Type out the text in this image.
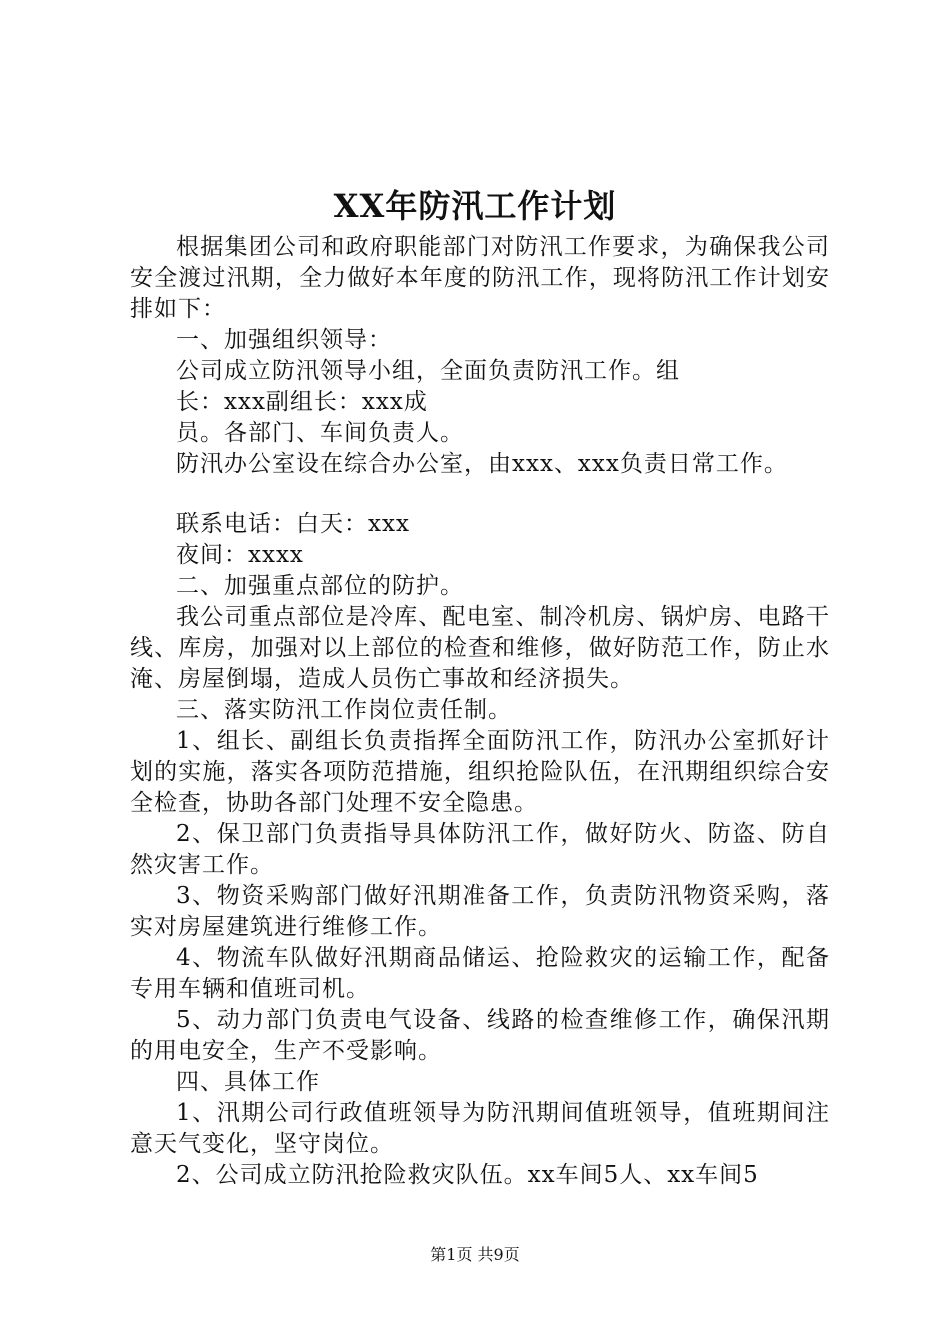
XX年防汛工作计划

根据集团公司和政府职能部门对防汛工作要求，为确保我公司安全渡过汛期，全力做好本年度的防汛工作，现将防汛工作计划安排如下：

一、加强组织领导：

公司成立防汛领导小组，全面负责防汛工作。组

长：xxx副组长：xxx成

员。各部门、车间负责人。

防汛办公室设在综合办公室，由xxx、xxx负责日常工作。

联系电话：白天：xxx

夜间：xxxx

二、加强重点部位的防护。

我公司重点部位是冷库、配电室、制冷机房、锅炉房、电路干线、库房，加强对以上部位的检查和维修，做好防范工作，防止水淹、房屋倒塌，造成人员伤亡事故和经济损失。

三、落实防汛工作岗位责任制。

1、组长、副组长负责指挥全面防汛工作，防汛办公室抓好计划的实施，落实各项防范措施，组织抢险队伍，在汛期组织综合安全检查，协助各部门处理不安全隐患。

2、保卫部门负责指导具体防汛工作，做好防火、防盗、防自然灾害工作。

3、物资采购部门做好汛期准备工作，负责防汛物资采购，落实对房屋建筑进行维修工作。

4、物流车队做好汛期商品储运、抢险救灾的运输工作，配备专用车辆和值班司机。

5、动力部门负责电气设备、线路的检查维修工作，确保汛期的用电安全，生产不受影响。

四、具体工作

1、汛期公司行政值班领导为防汛期间值班领导，值班期间注意天气变化，坚守岗位。

2、公司成立防汛抢险救灾队伍。xx车间5人、xx车间5

第1页 共9页
